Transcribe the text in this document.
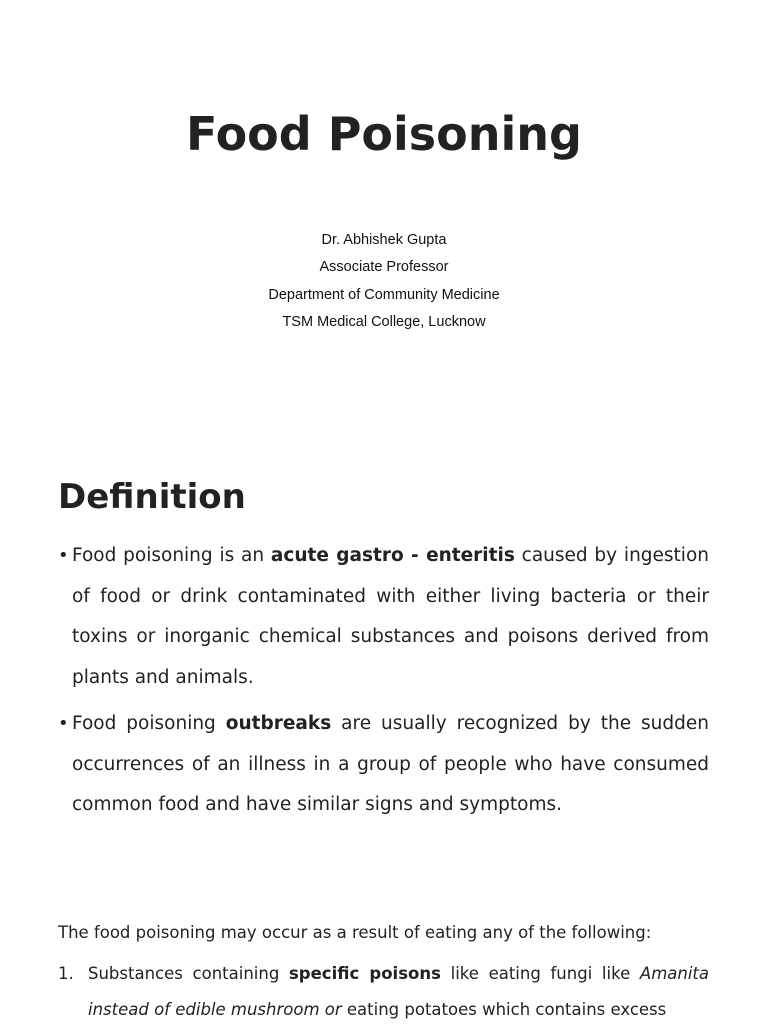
Food Poisoning
Dr. Abhishek Gupta
Associate Professor
Department of Community Medicine
TSM Medical College, Lucknow
Definition
• Food poisoning is an acute gastro - enteritis caused by ingestion of food or drink contaminated with either living bacteria or their toxins or inorganic chemical substances and poisons derived from plants and animals.
• Food poisoning outbreaks are usually recognized by the sudden occurrences of an illness in a group of people who have consumed common food and have similar signs and symptoms.

The food poisoning may occur as a result of eating any of the following:

1. Substances containing specific poisons like eating fungi like Amanita instead of edible mushroom or eating potatoes which contains excess
